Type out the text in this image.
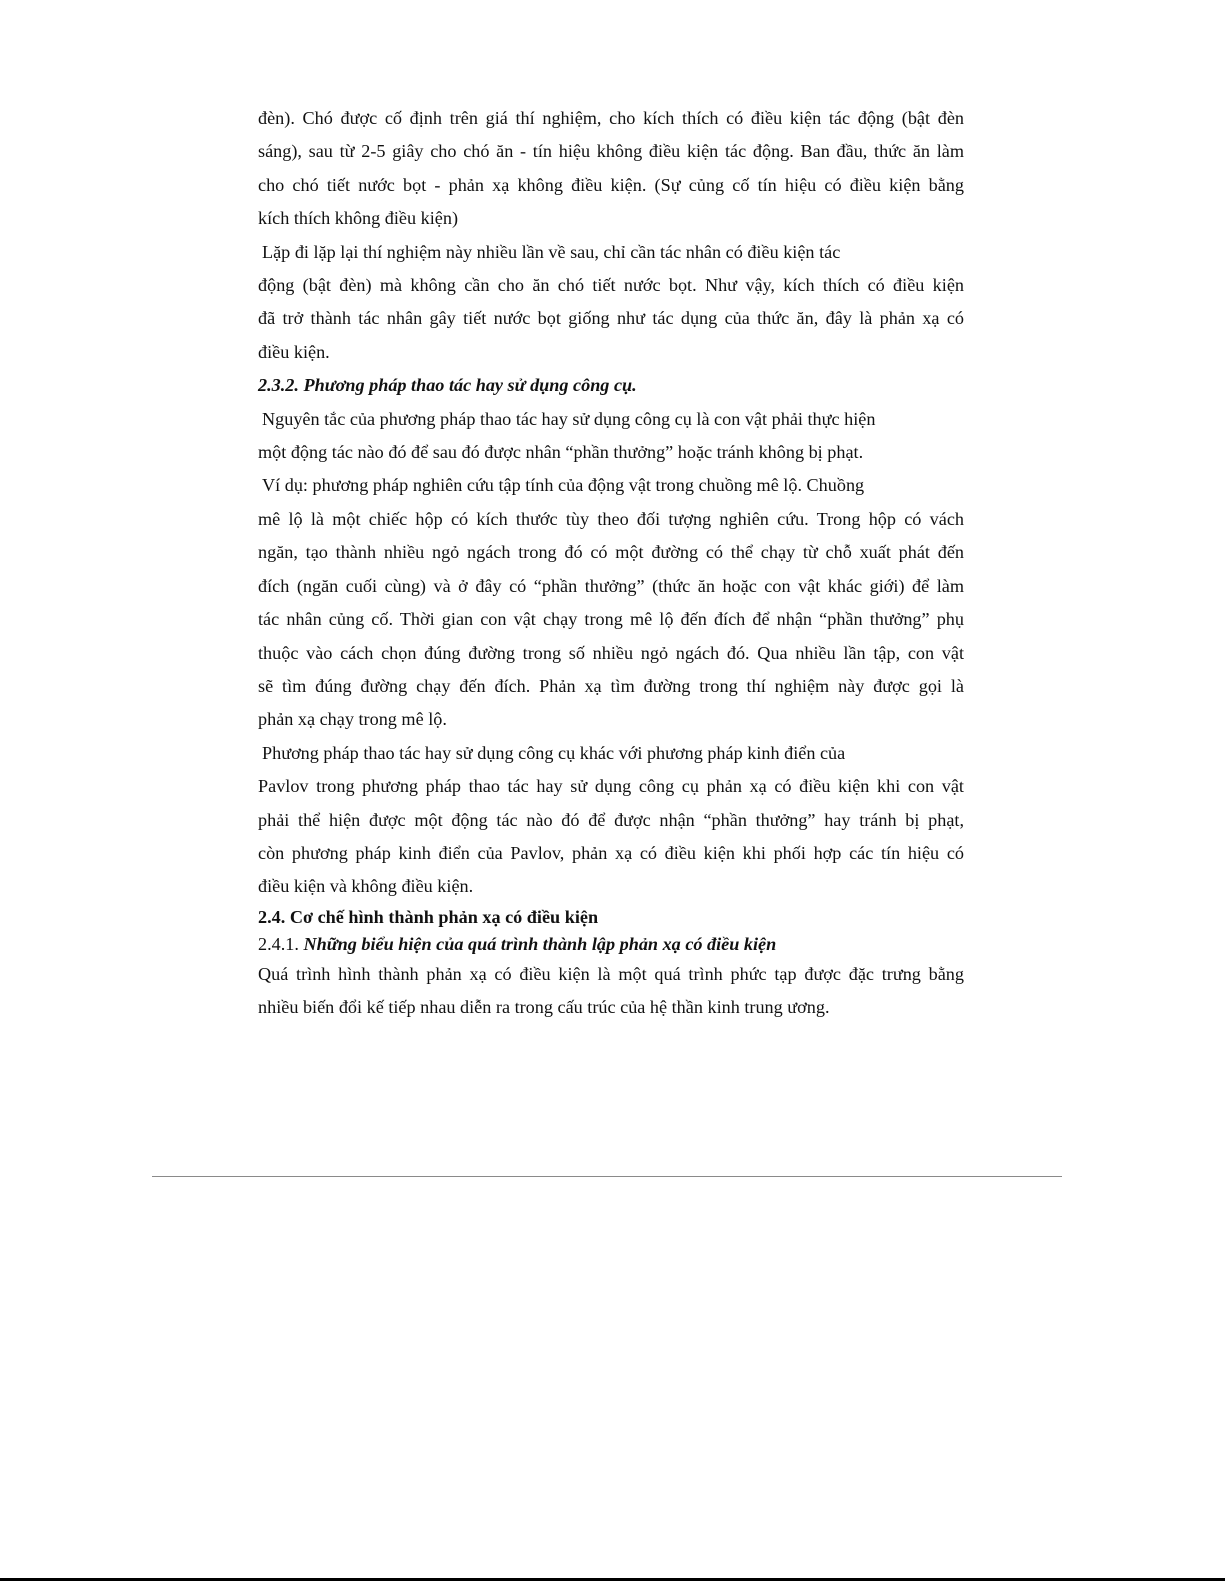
đèn). Chó được cố định trên giá thí nghiệm, cho kích thích có điều kiện tác động (bật đèn
sáng), sau từ 2-5 giây cho chó ăn - tín hiệu không điều kiện tác động. Ban đầu, thức ăn làm
cho chó tiết nước bọt - phản xạ không điều kiện. (Sự củng cố tín hiệu có điều kiện bằng
kích thích không điều kiện)
Lặp đi lặp lại thí nghiệm này nhiều lần về sau, chỉ cần tác nhân có điều kiện tác
động (bật đèn) mà không cần cho ăn chó tiết nước bọt. Như vậy, kích thích có điều kiện
đã trở thành tác nhân gây tiết nước bọt giống như tác dụng của thức ăn, đây là phản xạ có
điều kiện.
2.3.2. Phương pháp thao tác hay sử dụng công cụ.
Nguyên tắc của phương pháp thao tác hay sử dụng công cụ là con vật phải thực hiện
một động tác nào đó để sau đó được nhân “phần thưởng” hoặc tránh không bị phạt.
Ví dụ: phương pháp nghiên cứu tập tính của động vật trong chuồng mê lộ. Chuồng
mê lộ là một chiếc hộp có kích thước tùy theo đối tượng nghiên cứu. Trong hộp có vách
ngăn, tạo thành nhiều ngỏ ngách trong đó có một đường có thể chạy từ chỗ xuất phát đến
đích (ngăn cuối cùng) và ở đây có “phần thưởng” (thức ăn hoặc con vật khác giới) để làm
tác nhân củng cố. Thời gian con vật chạy trong mê lộ đến đích để nhận “phần thưởng” phụ
thuộc vào cách chọn đúng đường trong số nhiều ngỏ ngách đó. Qua nhiều lần tập, con vật
sẽ tìm đúng đường chạy đến đích. Phản xạ tìm đường trong thí nghiệm này được gọi là
phản xạ chạy trong mê lộ.
Phương pháp thao tác hay sử dụng công cụ khác với phương pháp kinh điển của
Pavlov trong phương pháp thao tác hay sử dụng công cụ phản xạ có điều kiện khi con vật
phải thể hiện được một động tác nào đó để được nhận “phần thưởng” hay tránh bị phạt,
còn phương pháp kinh điển của Pavlov, phản xạ có điều kiện khi phối hợp các tín hiệu có
điều kiện và không điều kiện.
2.4. Cơ chế hình thành phản xạ có điều kiện
2.4.1. Những biểu hiện của quá trình thành lập phản xạ có điều kiện
Quá trình hình thành phản xạ có điều kiện là một quá trình phức tạp được đặc trưng bằng
nhiều biến đổi kế tiếp nhau diễn ra trong cấu trúc của hệ thần kinh trung ương.
